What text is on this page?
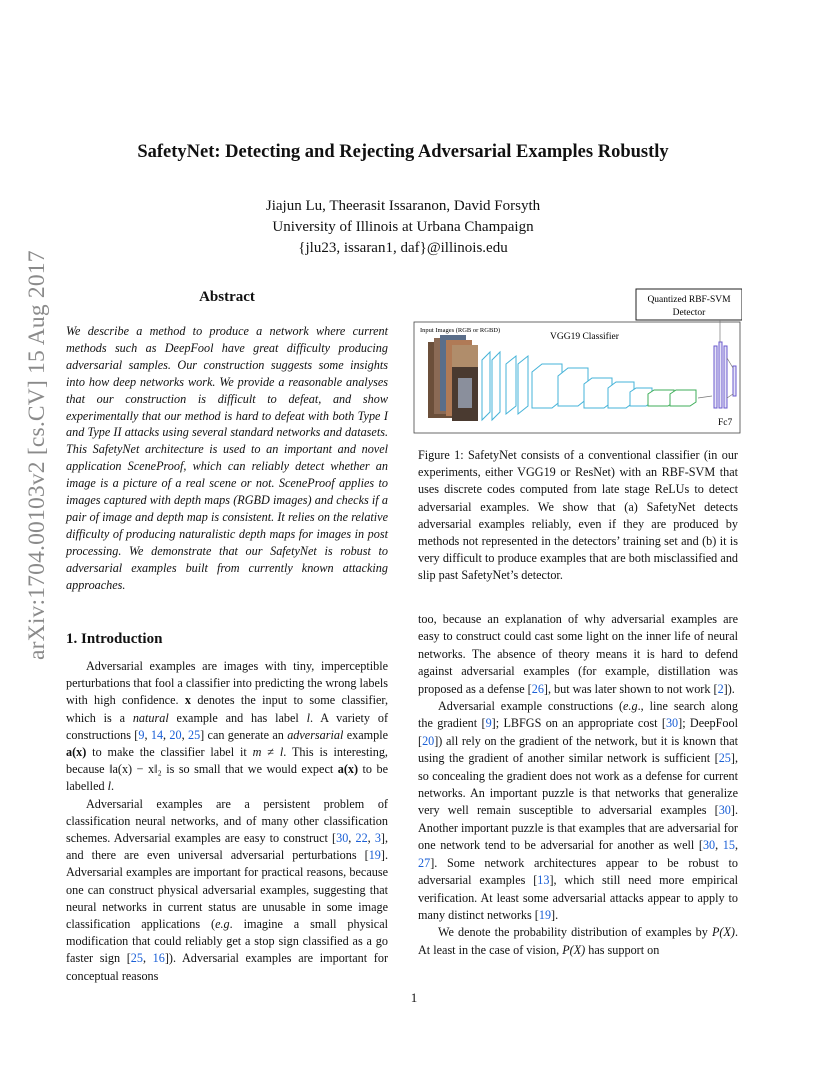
arXiv:1704.00103v2 [cs.CV] 15 Aug 2017
SafetyNet: Detecting and Rejecting Adversarial Examples Robustly
Jiajun Lu, Theerasit Issaranon, David Forsyth
University of Illinois at Urbana Champaign
{jlu23, issaran1, daf}@illinois.edu
Abstract
We describe a method to produce a network where current methods such as DeepFool have great difficulty producing adversarial samples. Our construction suggests some insights into how deep networks work. We provide a reasonable analyses that our construction is difficult to defeat, and show experimentally that our method is hard to defeat with both Type I and Type II attacks using several standard networks and datasets. This SafetyNet architecture is used to an important and novel application SceneProof, which can reliably detect whether an image is a picture of a real scene or not. SceneProof applies to images captured with depth maps (RGBD images) and checks if a pair of image and depth map is consistent. It relies on the relative difficulty of producing naturalistic depth maps for images in post processing. We demonstrate that our SafetyNet is robust to adversarial examples built from currently known attacking approaches.
Quantized RBF-SVM
Detector
Input Images (RGB or RGBD)
VGG19 Classifier
Fc7
Figure 1: SafetyNet consists of a conventional classifier (in our experiments, either VGG19 or ResNet) with an RBF-SVM that uses discrete codes computed from late stage ReLUs to detect adversarial examples. We show that (a) SafetyNet detects adversarial examples reliably, even if they are produced by methods not represented in the detectors’ training set and (b) it is very difficult to produce examples that are both misclassified and slip past SafetyNet’s detector.
1. Introduction

Adversarial examples are images with tiny, imperceptible perturbations that fool a classifier into predicting the wrong labels with high confidence. x denotes the input to some classifier, which is a natural example and has label l. A variety of constructions [9, 14, 20, 25] can generate an adversarial example a(x) to make the classifier label it m ≠ l. This is interesting, because ‖a(x) − x‖₂ is so small that we would expect a(x) to be labelled l.

Adversarial examples are a persistent problem of classification neural networks, and of many other classification schemes. Adversarial examples are easy to construct [30, 22, 3], and there are even universal adversarial perturbations [19]. Adversarial examples are important for practical reasons, because one can construct physical adversarial examples, suggesting that neural networks in current status are unusable in some image classification applications (e.g. imagine a small physical modification that could reliably get a stop sign classified as a go faster sign [25, 16]). Adversarial examples are important for conceptual reasons

too, because an explanation of why adversarial examples are easy to construct could cast some light on the inner life of neural networks. The absence of theory means it is hard to defend against adversarial examples (for example, distillation was proposed as a defense [26], but was later shown to not work [2]).

Adversarial example constructions (e.g., line search along the gradient [9]; LBFGS on an appropriate cost [30]; DeepFool [20]) all rely on the gradient of the network, but it is known that using the gradient of another similar network is sufficient [25], so concealing the gradient does not work as a defense for current networks. An important puzzle is that networks that generalize very well remain susceptible to adversarial examples [30]. Another important puzzle is that examples that are adversarial for one network tend to be adversarial for another as well [30, 15, 27]. Some network architectures appear to be robust to adversarial examples [13], which still need more empirical verification. At least some adversarial attacks appear to apply to many distinct networks [19].

We denote the probability distribution of examples by P(X). At least in the case of vision, P(X) has support on

1
